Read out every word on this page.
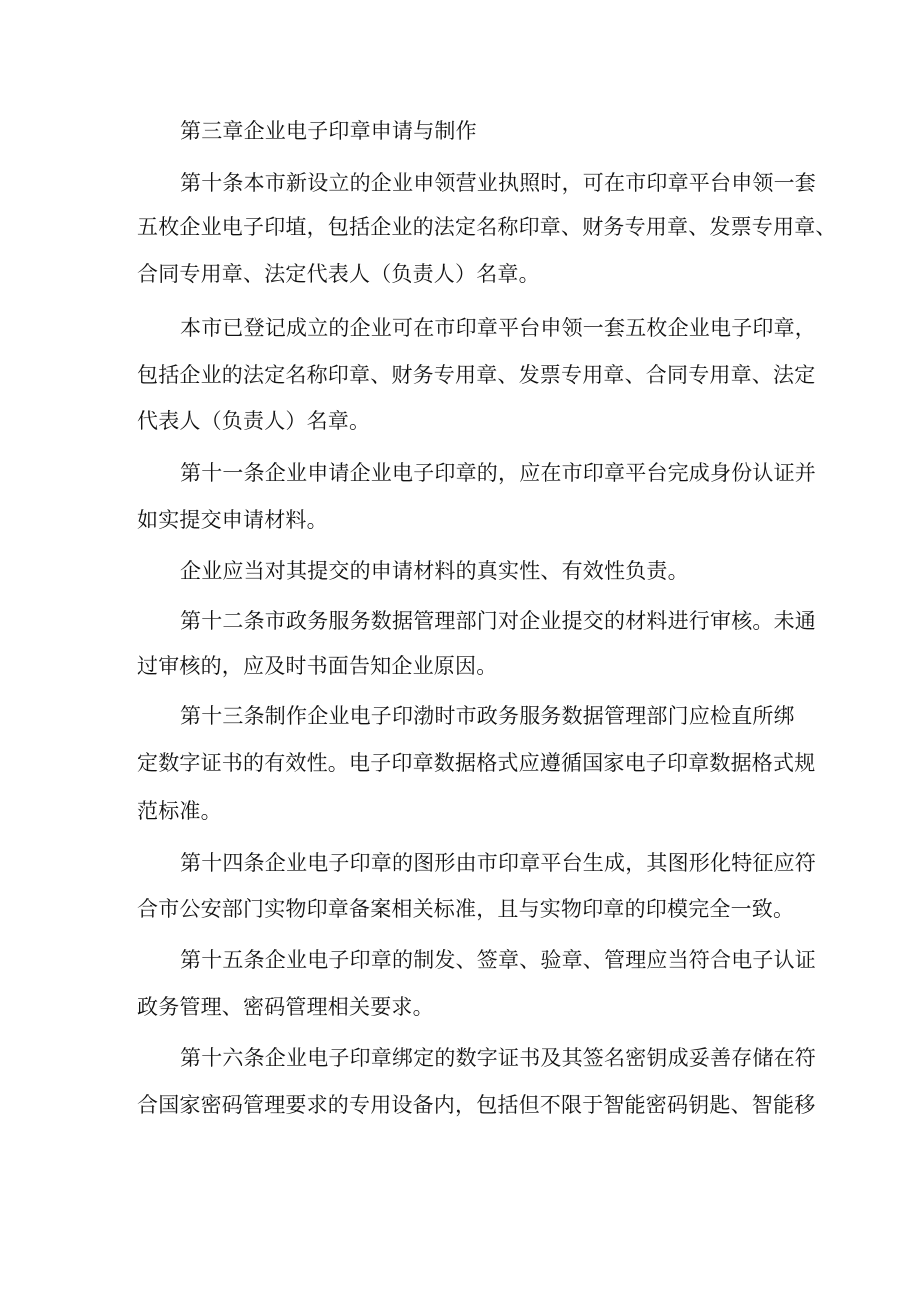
第三章企业电子印章申请与制作
第十条本市新设立的企业申领营业执照时，可在市印章平台申领一套
五枚企业电子印埴，包括企业的法定名称印章、财务专用章、发票专用章、
合同专用章、法定代表人（负责人）名章。
本市已登记成立的企业可在市印章平台申领一套五枚企业电子印章，
包括企业的法定名称印章、财务专用章、发票专用章、合同专用章、法定
代表人（负责人）名章。
第十一条企业申请企业电子印章的，应在市印章平台完成身份认证并
如实提交申请材料。
企业应当对其提交的申请材料的真实性、有效性负责。
第十二条市政务服务数据管理部门对企业提交的材料进行审核。未通
过审核的，应及时书面告知企业原因。
第十三条制作企业电子印渤时市政务服务数据管理部门应检直所绑
定数字证书的有效性。电子印章数据格式应遵循国家电子印章数据格式规
范标准。
第十四条企业电子印章的图形由市印章平台生成，其图形化特征应符
合市公安部门实物印章备案相关标准，且与实物印章的印模完全一致。
第十五条企业电子印章的制发、签章、验章、管理应当符合电子认证
政务管理、密码管理相关要求。
第十六条企业电子印章绑定的数字证书及其签名密钥成妥善存储在符
合国家密码管理要求的专用设备内，包括但不限于智能密码钥匙、智能移
